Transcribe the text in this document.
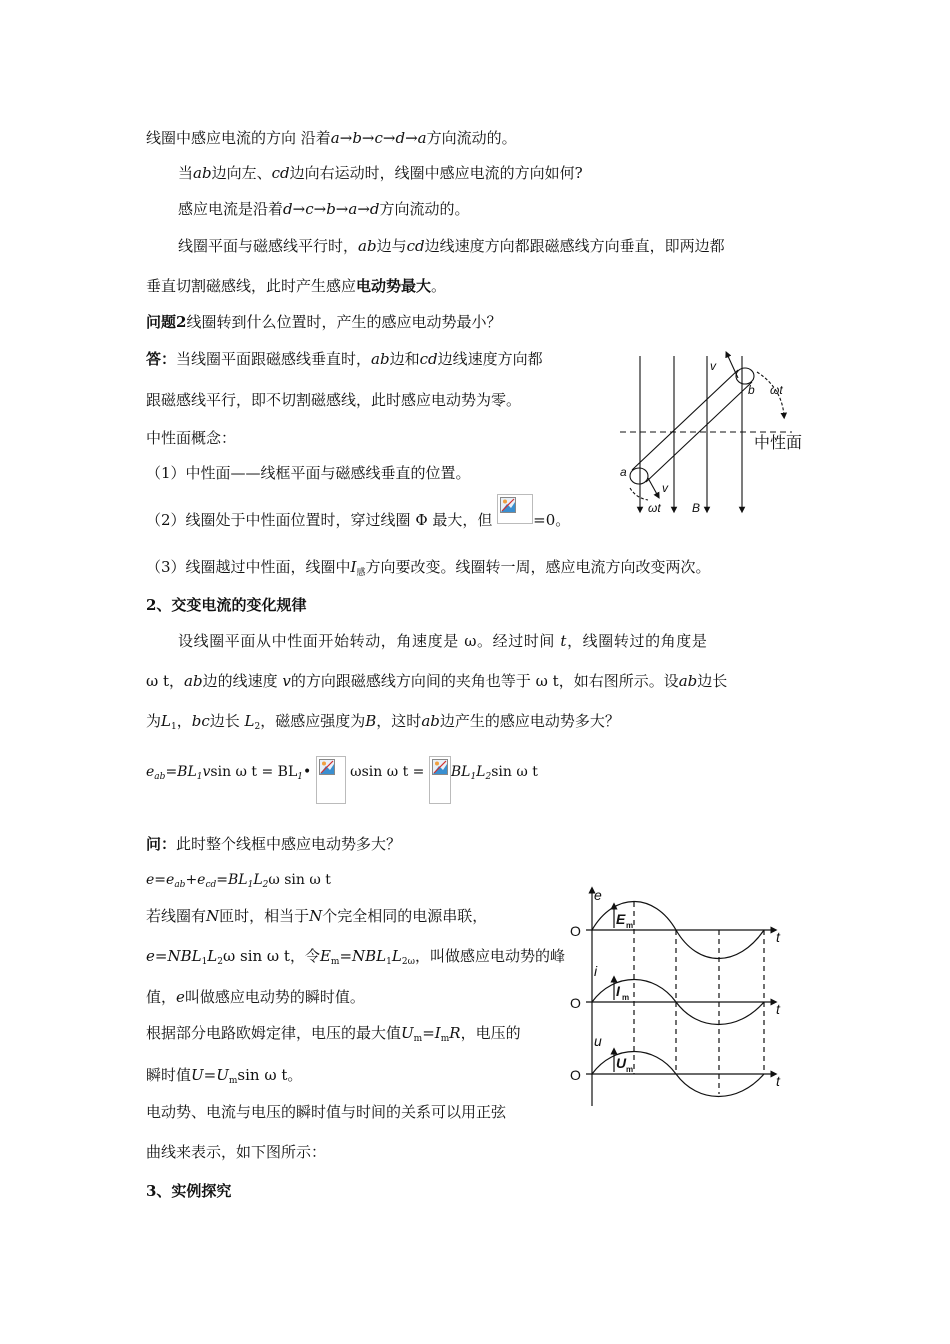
线圈中感应电流的方向 沿着a→b→c→d→a方向流动的。
当ab边向左、cd边向右运动时，线圈中感应电流的方向如何?
感应电流是沿着d→c→b→a→d方向流动的。
线圈平面与磁感线平行时，ab边与cd边线速度方向都跟磁感线方向垂直，即两边都
垂直切割磁感线，此时产生感应电动势最大。
问题2线圈转到什么位置时，产生的感应电动势最小？
答：当线圈平面跟磁感线垂直时，ab边和cd边线速度方向都
跟磁感线平行，即不切割磁感线，此时感应电动势为零。
中性面概念：
（1）中性面——线框平面与磁感线垂直的位置。
（2）线圈处于中性面位置时，穿过线圈 Φ 最大，但	=0。
（3）线圈越过中性面，线圈中$I_感$方向要改变。线圈转一周，感应电流方向改变两次。
2、交变电流的变化规律
设线圈平面从中性面开始转动，角速度是 ω。经过时间 t，线圈转过的角度是
ω t，ab边的线速度 v的方向跟磁感线方向间的夹角也等于 ω t，如右图所示。设ab边长
为$L_1$，bc边长 $L_2$，磁感应强度为B，这时ab边产生的感应电动势多大？
$e_{ab}=BL_1vsin$ ω $t = BL_1•$	ωsin ω $t = BL_1L_2\sin$ ω t
问：此时整个线框中感应电动势多大？
$e=e_{ab}+e_{cd}=BL_1L_2\omega$ sin ω t
若线圈有N匝时，相当于N个完全相同的电源串联，
$e=NBL_1L_2\omega$ sin ω t，令$E_m=NBL_1L_{2\omega}$，叫做感应电动势的峰
值，e叫做感应电动势的瞬时值。
根据部分电路欧姆定律，电压的最大值$U_m=I_mR$，电压的
瞬时值$U=U_m\sin$ ω t。
电动势、电流与电压的瞬时值与时间的关系可以用正弦
曲线来表示，如下图所示：
3、实例探究
v
b ωt
中性面
a
v
ωt	B
e
i
u
O
O
O
t
t
t
E m
I m
U m
